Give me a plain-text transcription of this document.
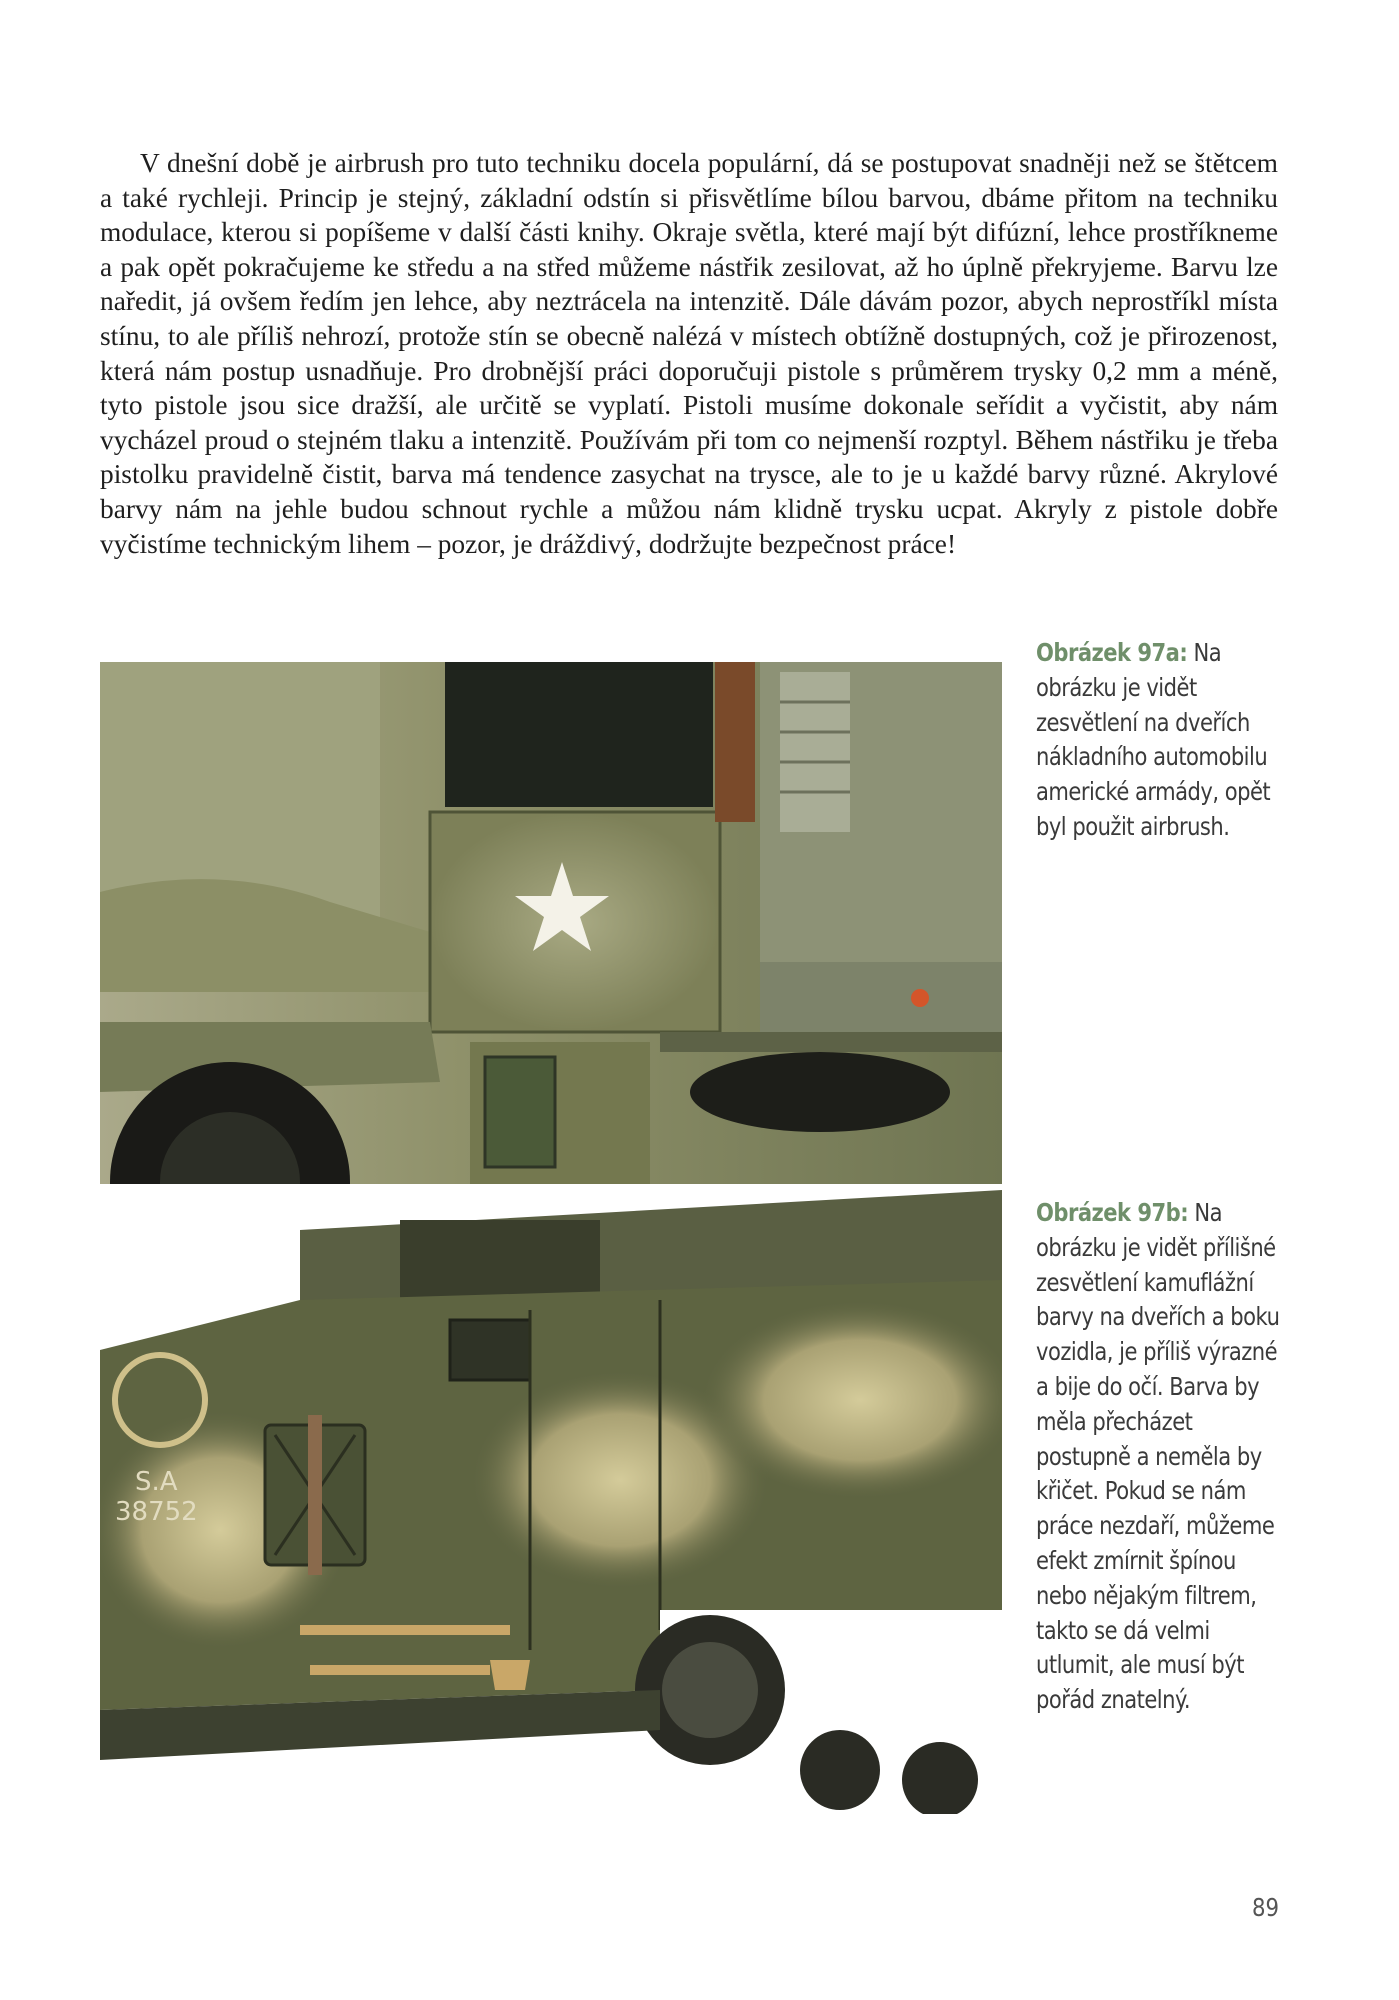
V dnešní době je airbrush pro tuto techniku docela populární, dá se postupovat snadněji než se štětcem a také rychleji. Princip je stejný, základní odstín si přisvětlíme bílou barvou, dbáme přitom na techniku modulace, kterou si popíšeme v další části knihy. Okraje světla, které mají být difúzní, lehce prostříkneme a pak opět pokračujeme ke středu a na střed můžeme nástřik zesilovat, až ho úplně překryjeme. Barvu lze naředit, já ovšem ředím jen lehce, aby neztrácela na intenzitě. Dále dávám pozor, abych neprostříkl místa stínu, to ale příliš nehrozí, protože stín se obecně nalézá v místech obtížně dostupných, což je přirozenost, která nám postup usnadňuje. Pro drobnější práci doporučuji pistole s průměrem trysky 0,2 mm a méně, tyto pistole jsou sice dražší, ale určitě se vyplatí. Pistoli musíme dokonale seřídit a vyčistit, aby nám vycházel proud o stejném tlaku a intenzitě. Používám při tom co nejmenší rozptyl. Během nástřiku je třeba pistolku pravidelně čistit, barva má tendence zasychat na trysce, ale to je u každé barvy různé. Akrylové barvy nám na jehle budou schnout rychle a můžou nám klidně trysku ucpat. Akryly z pistole dobře vyčistíme technickým lihem – pozor, je dráždivý, dodržujte bezpečnost práce!

Obrázek 97a: Na obrázku je vidět zesvětlení na dveřích nákladního automobilu americké armády, opět byl použit airbrush.
S.A
38752
Obrázek 97b: Na obrázku je vidět přílišné zesvětlení kamuflážní barvy na dveřích a boku vozidla, je příliš výrazné a bije do očí. Barva by měla přecházet postupně a neměla by křičet. Pokud se nám práce nezdaří, můžeme efekt zmírnit špínou nebo nějakým filtrem, takto se dá velmi utlumit, ale musí být pořád znatelný.
89
